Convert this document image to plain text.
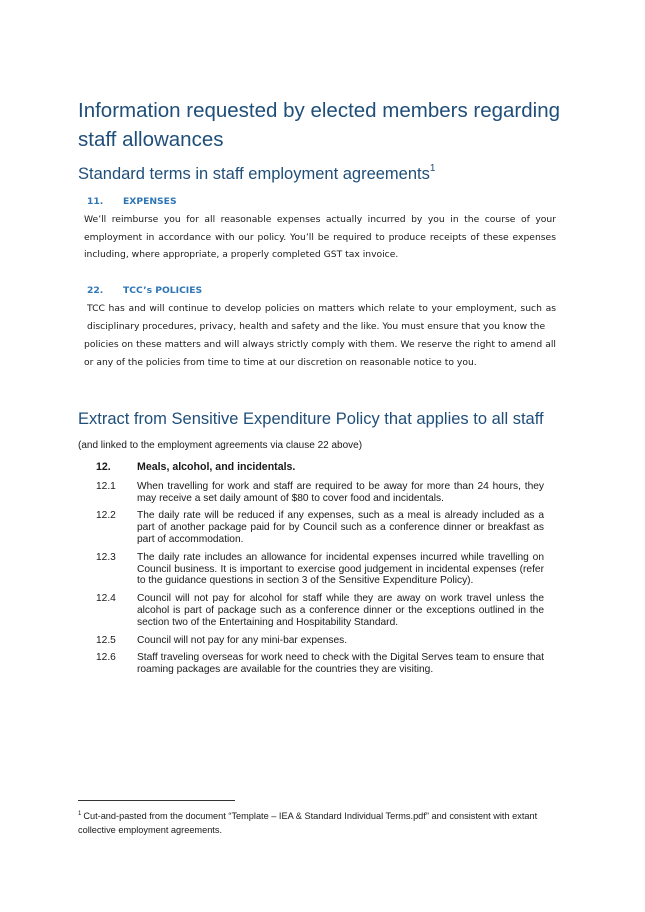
Information requested by elected members regarding staff allowances
Standard terms in staff employment agreements$^1$

11. EXPENSES

We’ll reimburse you for all reasonable expenses actually incurred by you in the course of your employment in accordance with our policy. You’ll be required to produce receipts of these expenses including, where appropriate, a properly completed GST tax invoice.

22. TCC’s POLICIES

TCC has and will continue to develop policies on matters which relate to your employment, such as disciplinary procedures, privacy, health and safety and the like. You must ensure that you know the

policies on these matters and will always strictly comply with them. We reserve the right to amend all or any of the policies from time to time at our discretion on reasonable notice to you.

Extract from Sensitive Expenditure Policy that applies to all staff

(and linked to the employment agreements via clause 22 above)

12. Meals, alcohol, and incidentals.
12.1	When travelling for work and staff are required to be away for more than 24 hours, they may receive a set daily amount of $80 to cover food and incidentals.
12.2	The daily rate will be reduced if any expenses, such as a meal is already included as a part of another package paid for by Council such as a conference dinner or breakfast as part of accommodation.
12.3	The daily rate includes an allowance for incidental expenses incurred while travelling on Council business. It is important to exercise good judgement in incidental expenses (refer to the guidance questions in section 3 of the Sensitive Expenditure Policy).
12.4	Council will not pay for alcohol for staff while they are away on work travel unless the alcohol is part of package such as a conference dinner or the exceptions outlined in the section two of the Entertaining and Hospitability Standard.
12.5	Council will not pay for any mini-bar expenses.
12.6	Staff traveling overseas for work need to check with the Digital Serves team to ensure that roaming packages are available for the countries they are visiting.

$^1$ Cut-and-pasted from the document “Template – IEA & Standard Individual Terms.pdf” and consistent with extant collective employment agreements.
